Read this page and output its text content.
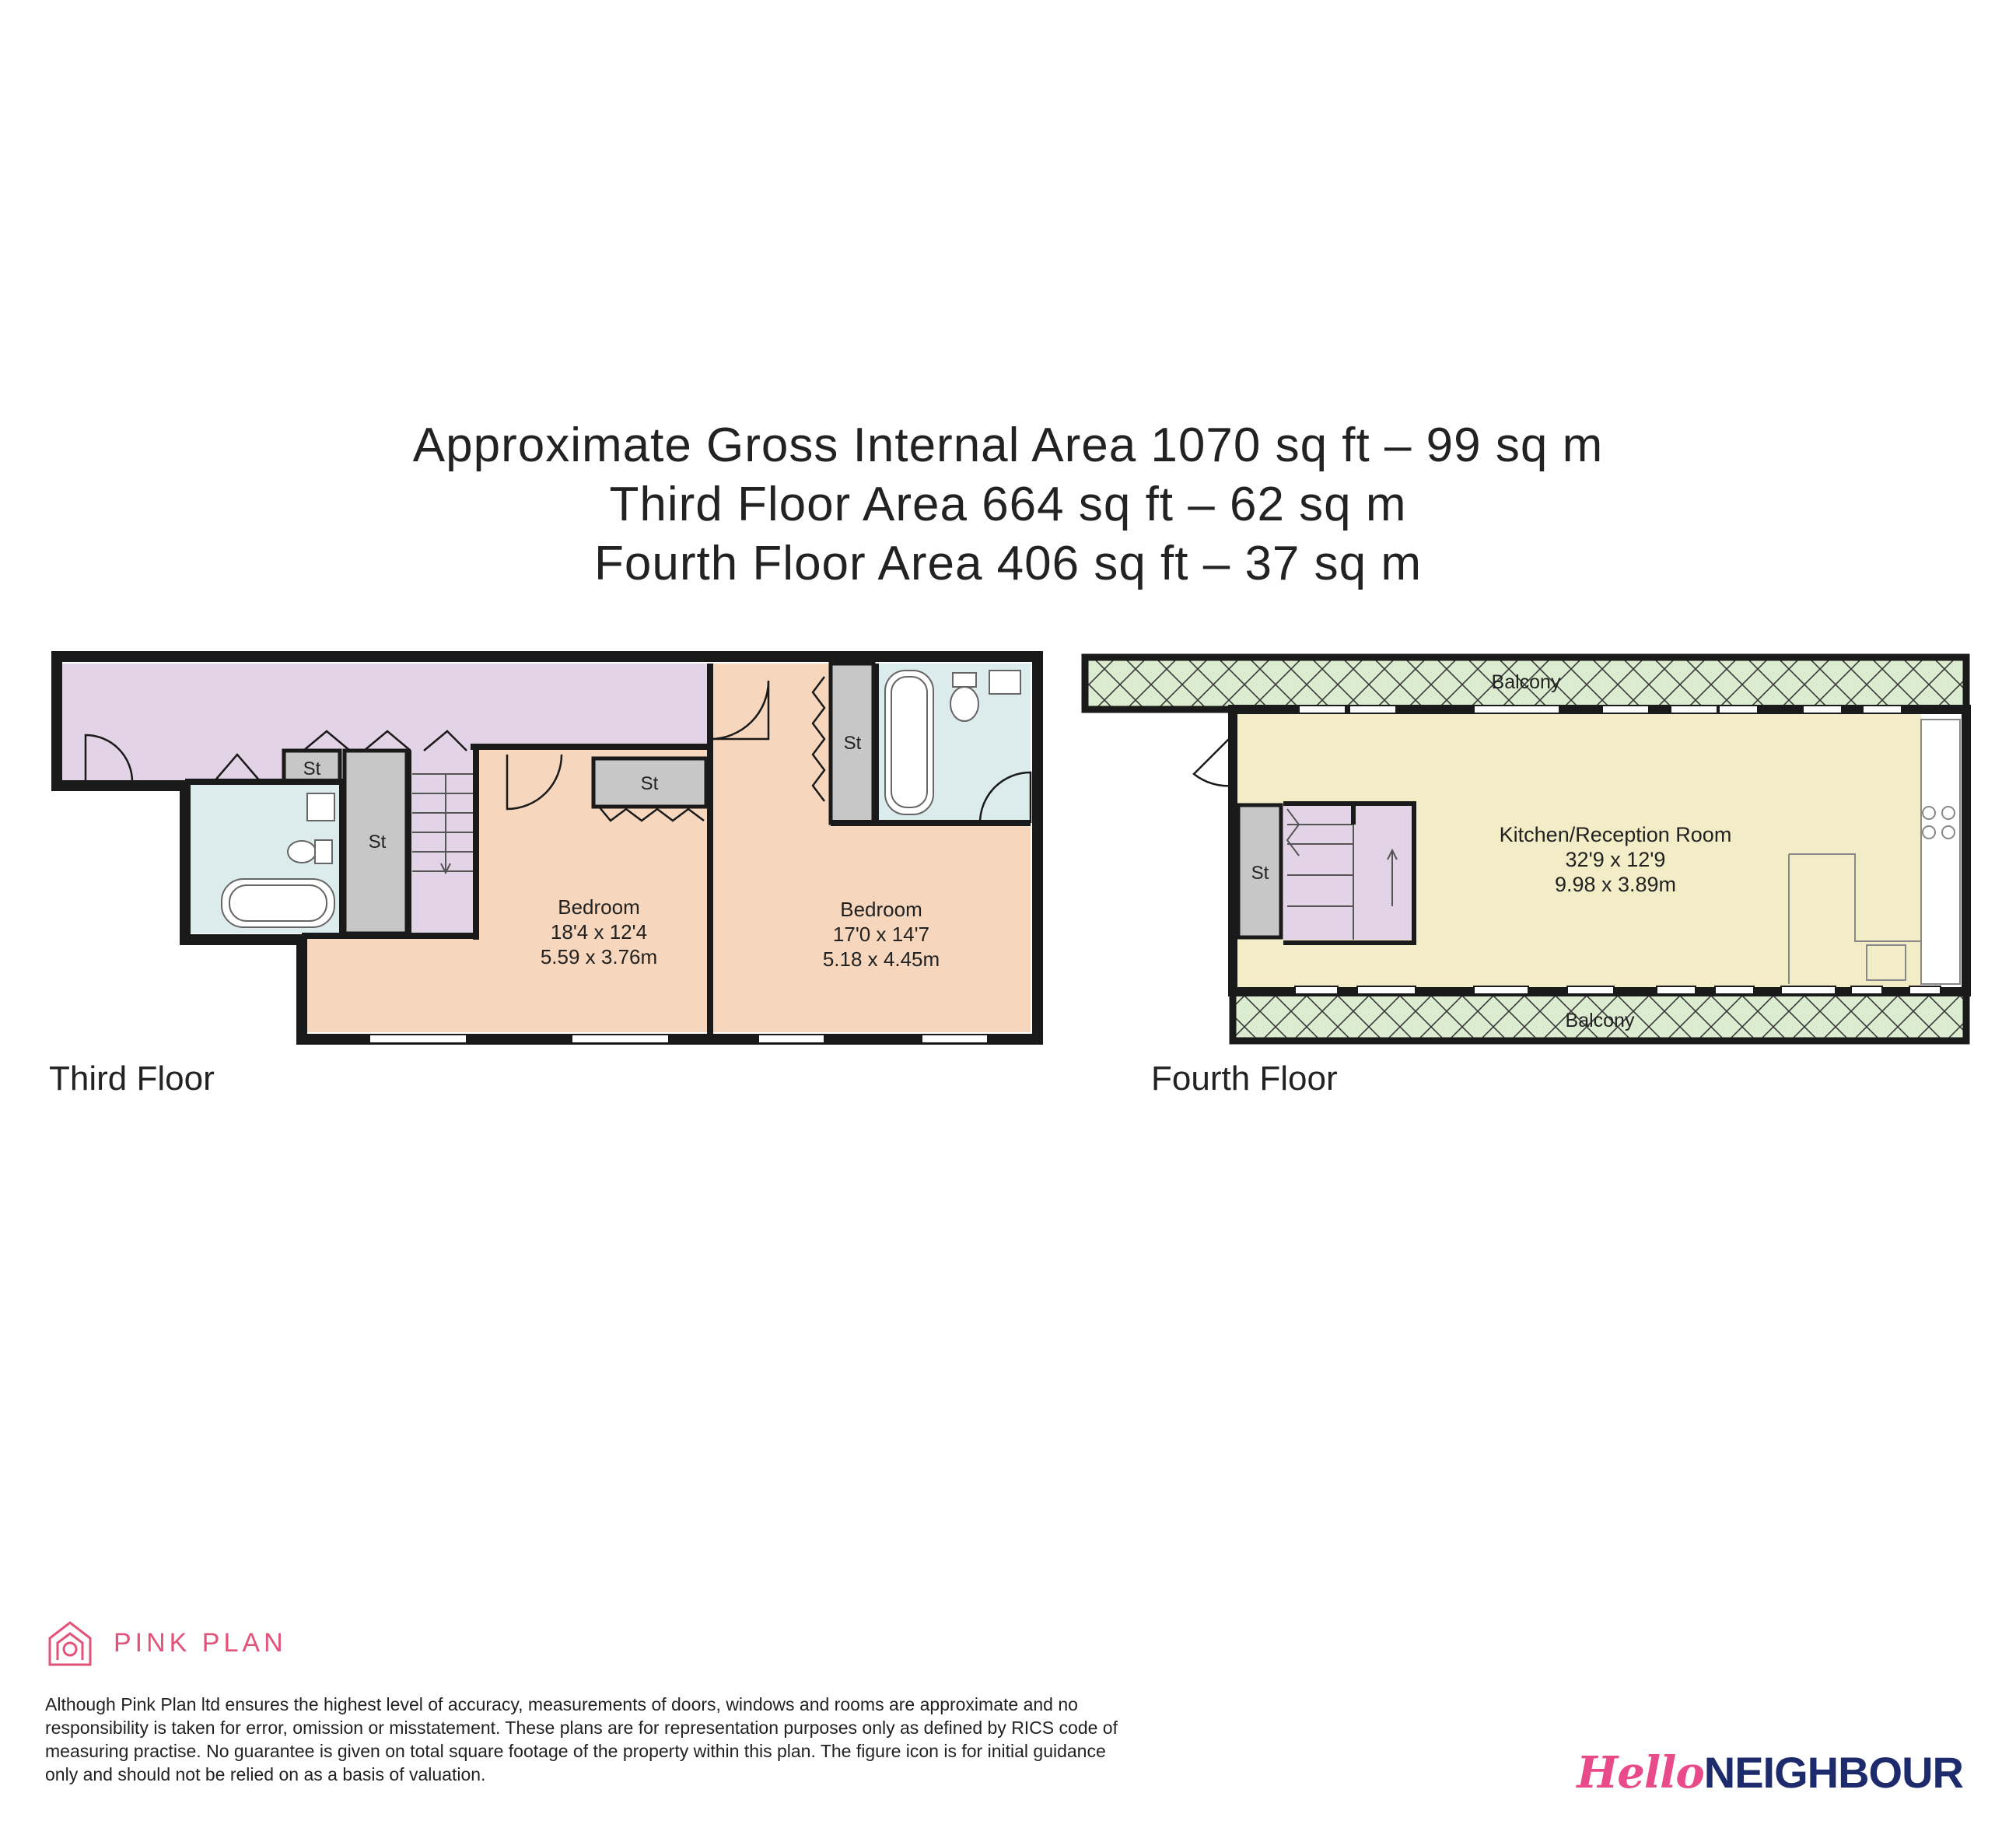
Approximate Gross Internal Area 1070 sq ft – 99 sq m
Third Floor Area 664 sq ft – 62 sq m
Fourth Floor Area 406 sq ft – 37 sq m
St
St
St
St
Bedroom
18'4 x 12'4
5.59 x 3.76m
Bedroom
17'0 x 14'7
5.18 x 4.45m
Balcony
Balcony
St
Kitchen/Reception Room
32'9 x 12'9
9.98 x 3.89m
Third Floor	Fourth Floor
PINK PLAN
Although Pink Plan ltd ensures the highest level of accuracy, measurements of doors, windows and rooms are approximate and no responsibility is taken for error, omission or misstatement. These plans are for representation purposes only as defined by RICS code of measuring practise. No guarantee is given on total square footage of the property within this plan. The figure icon is for initial guidance only and should not be relied on as a basis of valuation.	HelloNEIGHBOUR
